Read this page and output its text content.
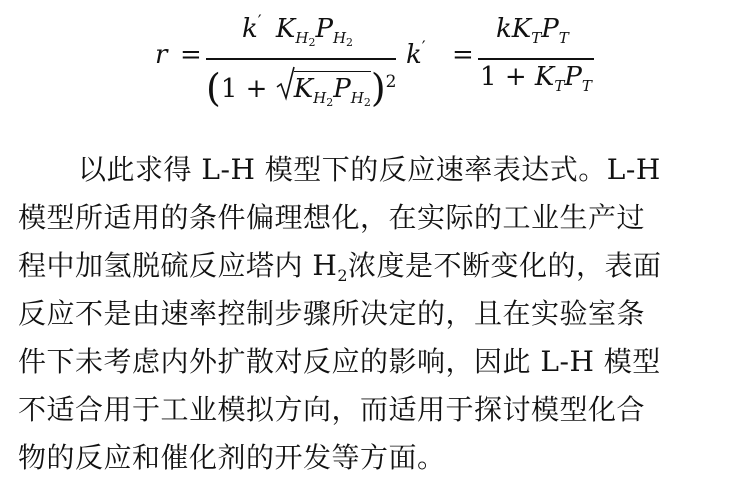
r =
k′ $K_{H_2}P_{H_2}$
$(1 + K_{H_2}P_{H_2})^2$
k′ =
$kK_TP_T$
$1 + K_TP_T$
以此求得 L-H 模型下的反应速率表达式。L-H
模型所适用的条件偏理想化，在实际的工业生产过
程中加氢脱硫反应塔内 $H_2$浓度是不断变化的，表面
反应不是由速率控制步骤所决定的，且在实验室条
件下未考虑内外扩散对反应的影响，因此 L-H 模型
不适合用于工业模拟方向，而适用于探讨模型化合
物的反应和催化剂的开发等方面。
